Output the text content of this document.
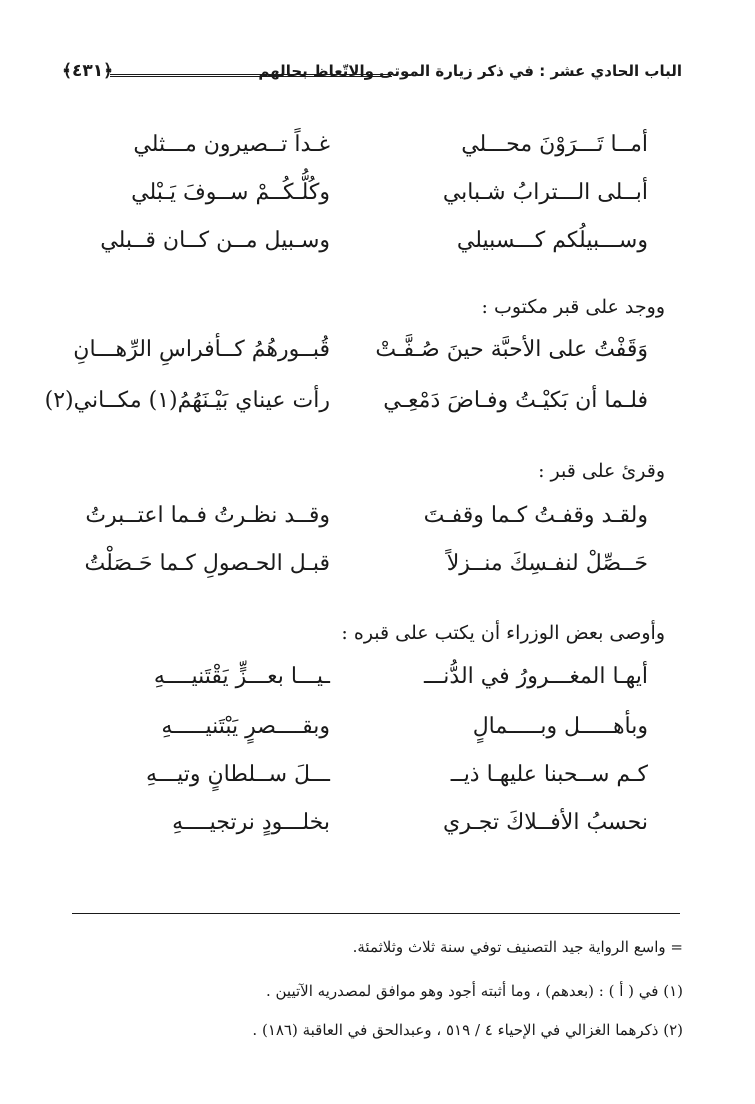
﴿٤٣١﴾	الباب الحادي عشر : في ذكر زيارة الموتى والاتّعاظ بحالهم
أمــا تَـــرَوْنَ محـــلي
غـداً تــصيرون مـــثلي
أبــلى الـــترابُ شـبابي
وكُلُّـكُــمْ ســوفَ يَـبْلي
وســـبيلُكم كـــسبيلي
وسـبيل مــن كــان قــبلي
ووجد على قبر مكتوب :
وَقَفْتُ على الأحبَّة حينَ صُـفَّـتْ
قُبــورهُمُ كــأفراسِ الرِّهـــانِ
فلـما أن بَكيْـتُ وفـاضَ دَمْعِـي
رأت عيناي بَيْـنَهُمُ(١) مكــاني(٢)
وقرئ على قبر :
ولقـد وقفـتُ كـما وقفـتَ
وقــد نظـرتُ فـما اعتــبرتُ
حَــصِّلْ لنفـسِكَ منــزلاً
قبـل الحـصولِ كـما حَـصَلْتُ
وأوصى بعض الوزراء أن يكتب على قبره :
أيهـا المغـــرورُ في الدُّنـــ
ـيـــا بعـــزٍّ يَقْتَنيــــهِ
وبأهـــــل وبـــــمالٍ
وبقــــصرٍ يَبْتَنيـــــهِ
كـم ســحبنا عليهـا ذيــ
ـــلَ ســلطانٍ وتيـــهِ
نحسبُ الأفــلاكَ تجـري
بخلـــودٍ نرتجيــــهِ
= واسع الرواية جيد التصنيف توفي سنة ثلاث وثلاثمئة.
(١) في ( أ ) : (بعدهم) ، وما أثبته أجود وهو موافق لمصدريه الآتيين .
(٢) ذكرهما الغزالي في الإحياء ٤ / ٥١٩ ، وعبدالحق في العاقبة (١٨٦) .
